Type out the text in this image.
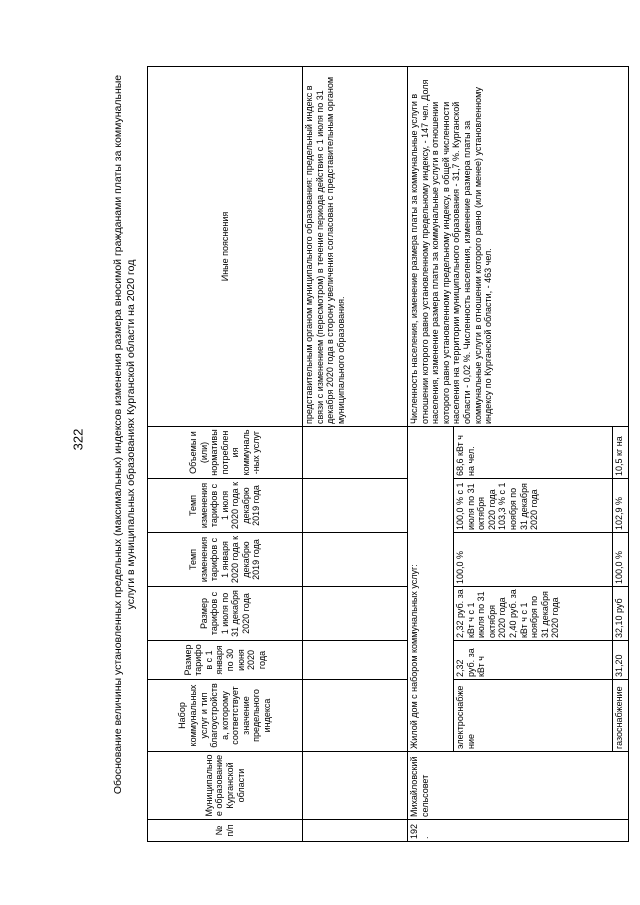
322	Обоснование величины установленных предельных (максимальных) индексов изменения размера вносимой гражданами платы за коммунальные услуги в муниципальных образованиях Курганской области на 2020 год
№ п/п	Муниципальное образование Курганской области	Набор коммунальных услуг и тип благоустройства, которому соответствует значение предельного индекса	Размер тарифов с 1 января по 30 июня 2020 года	Размер тарифов с 1 июля по 31 декабря 2020 года	Темп изменения тарифов с 1 января 2020 года к декабрю 2019 года	Темп изменения тарифов с 1 июля 2020 года к декабрю 2019 года	Объемы и (или) нормативы потребления коммуналь-ных услуг	Иные пояснения
								представительным органом муниципального образования: предельный индекс в связи с изменением (пересмотром) в течение периода действия с 1 июля по 31 декабря 2020 года в сторону увеличения согласован с представительным органом муниципального образования.
192.	Михайловский сельсовет	Жилой дом с набором коммунальных услуг:						Численность населения, изменение размера платы за коммунальные услуги в отношении которого равно установленному предельному индексу, - 147 чел. Доля населения, изменение размера платы за коммунальные услуги в отношении которого равно установленному предельному индексу, в общей численности населения на территории муниципального образования - 31,7 %. Курганской области - 0,02 %. Численность населения, изменение размера платы за коммунальные услуги в отношении которого равно (или менее) установленному индексу по Курганской области, - 463 чел.
		электроснабжение	2,32 руб. за кВт ч	2,32 руб. за кВт ч с 1 июля по 31 октября 2020 года 2,40 руб. за кВт ч с 1 ноября по 31 декабря 2020 года	100,0 %	100,0 % с 1 июля по 31 октября 2020 года 103,3 % с 1 ноября по 31 декабря 2020 года	68,6 кВт ч на чел.	
		газоснабжение	31,20	32,10 руб	100,0 %	102,9 %	10,5 кг на	
